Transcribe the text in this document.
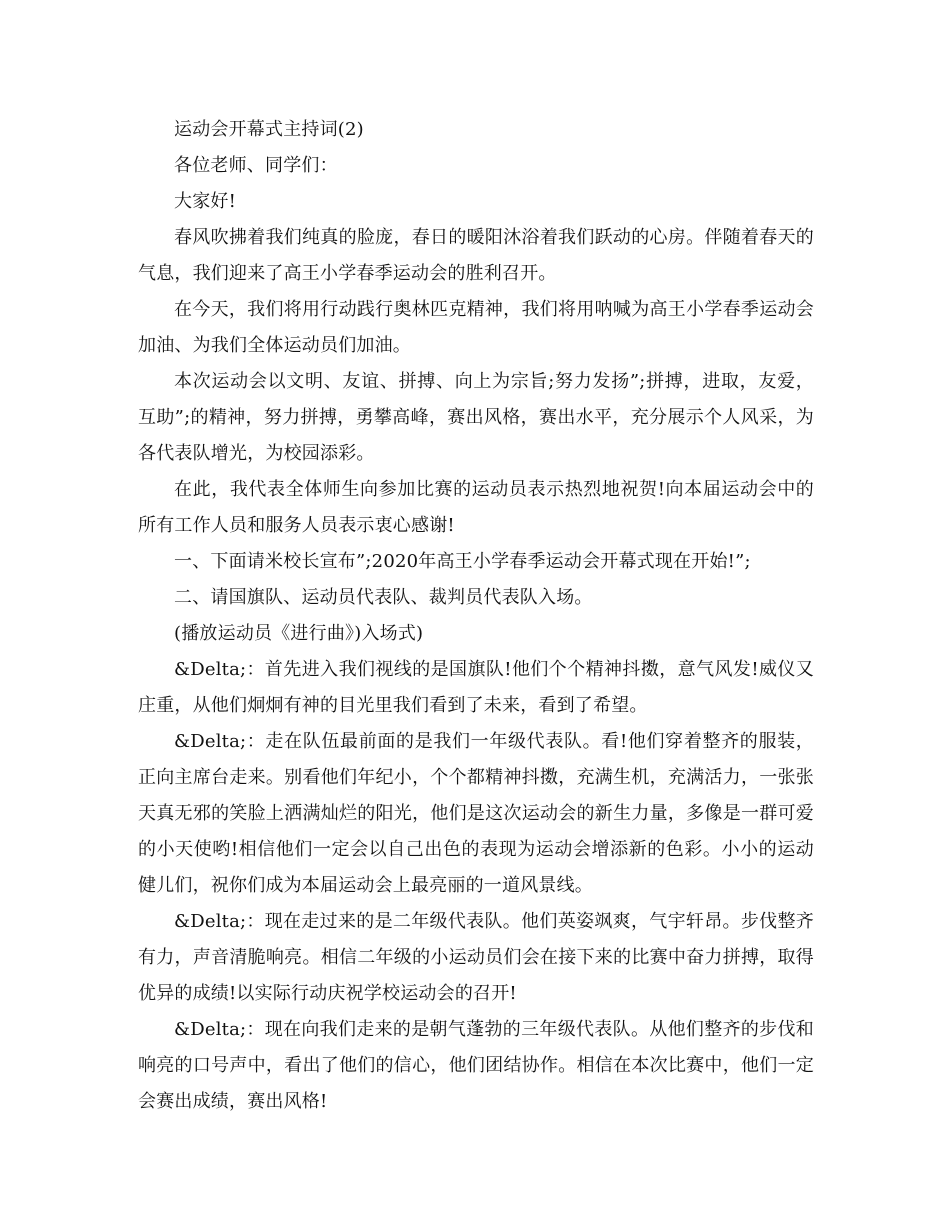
运动会开幕式主持词(2)

各位老师、同学们：

大家好!

春风吹拂着我们纯真的脸庞，春日的暖阳沐浴着我们跃动的心房。伴随着春天的气息，我们迎来了高王小学春季运动会的胜利召开。

在今天，我们将用行动践行奥林匹克精神，我们将用呐喊为高王小学春季运动会加油、为我们全体运动员们加油。

本次运动会以文明、友谊、拼搏、向上为宗旨;努力发扬”;拼搏，进取，友爱，互助”;的精神，努力拼搏，勇攀高峰，赛出风格，赛出水平，充分展示个人风采，为各代表队增光，为校园添彩。

在此，我代表全体师生向参加比赛的运动员表示热烈地祝贺!向本届运动会中的所有工作人员和服务人员表示衷心感谢!

一、下面请米校长宣布”;2020年高王小学春季运动会开幕式现在开始!”;

二、请国旗队、运动员代表队、裁判员代表队入场。

(播放运动员《进行曲》)入场式)

&Delta;：首先进入我们视线的是国旗队!他们个个精神抖擞，意气风发!威仪又庄重，从他们炯炯有神的目光里我们看到了未来，看到了希望。

&Delta;：走在队伍最前面的是我们一年级代表队。看!他们穿着整齐的服装，正向主席台走来。别看他们年纪小，个个都精神抖擞，充满生机，充满活力，一张张天真无邪的笑脸上洒满灿烂的阳光，他们是这次运动会的新生力量，多像是一群可爱的小天使哟!相信他们一定会以自己出色的表现为运动会增添新的色彩。小小的运动健儿们，祝你们成为本届运动会上最亮丽的一道风景线。

&Delta;：现在走过来的是二年级代表队。他们英姿飒爽，气宇轩昂。步伐整齐有力，声音清脆响亮。相信二年级的小运动员们会在接下来的比赛中奋力拼搏，取得优异的成绩!以实际行动庆祝学校运动会的召开!

&Delta;：现在向我们走来的是朝气蓬勃的三年级代表队。从他们整齐的步伐和响亮的口号声中，看出了他们的信心，他们团结协作。相信在本次比赛中，他们一定会赛出成绩，赛出风格!
